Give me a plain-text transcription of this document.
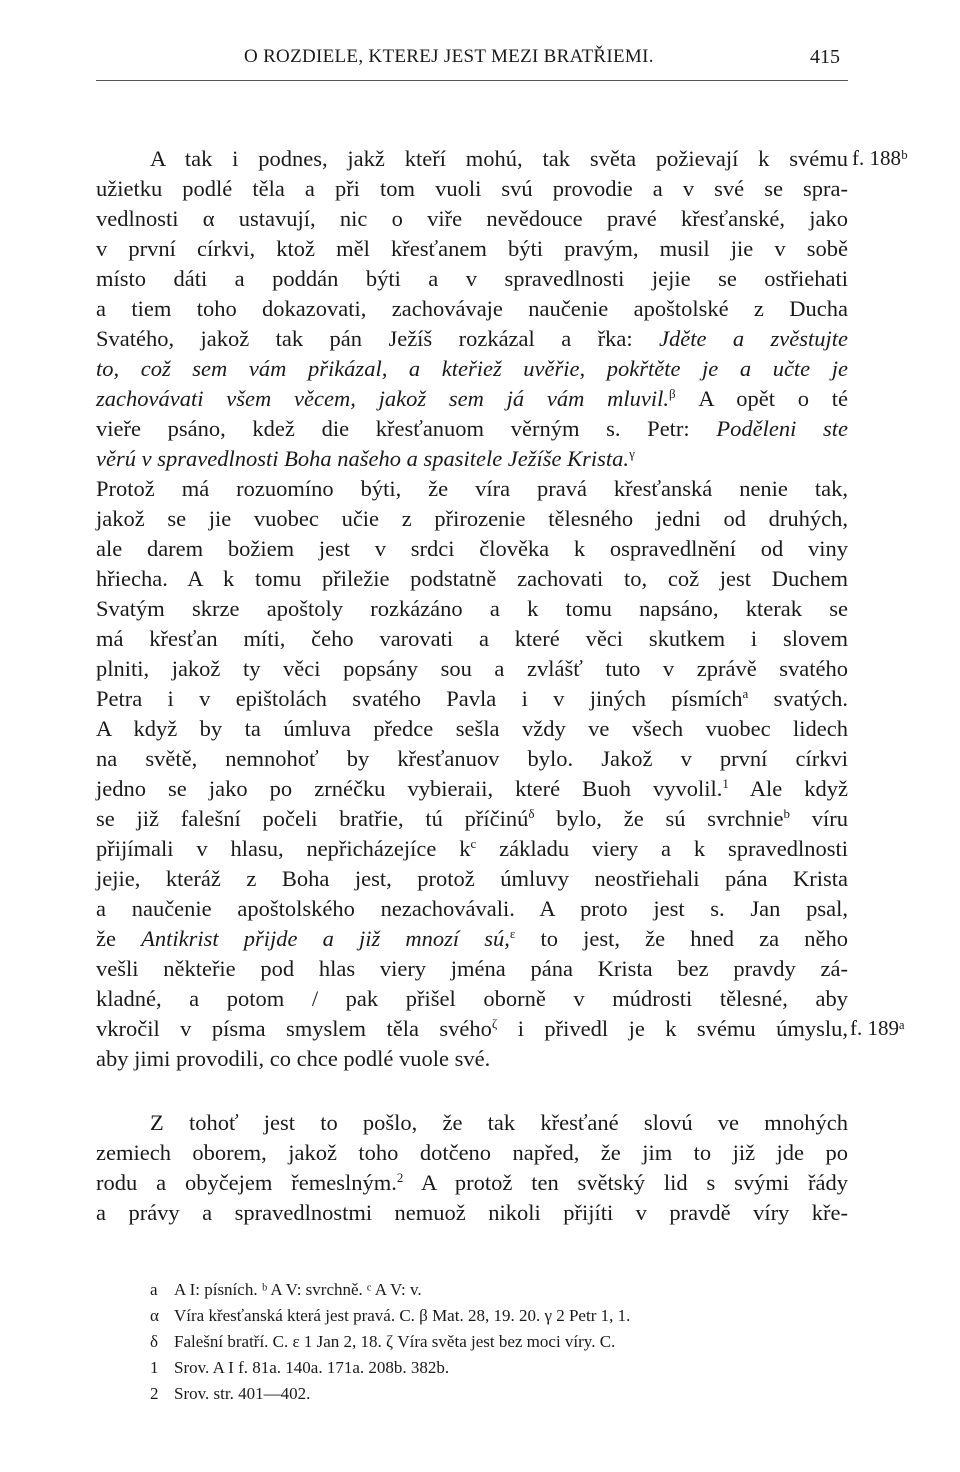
O ROZDIELE, KTEREJ JEST MEZI BRATŘIEMI.	415
f. 188ᵇ
f. 189ᵃ
A tak i podnes, jakž kteří mohú, tak světa požievají k svému
užietku podlé těla a při tom vuoli svú provodie a v své se spra-
vedlnosti α ustavují, nic o viře nevědouce pravé křesťanské, jako
v první církvi, ktož měl křesťanem býti pravým, musil jie v sobě
místo dáti a poddán býti a v spravedlnosti jejie se ostřiehati
a tiem toho dokazovati, zachovávaje naučenie apoštolské z Ducha
Svatého, jakož tak pán Ježíš rozkázal a řka: Jděte a zvěstujte
to, což sem vám přikázal, a kteřiež uvěřie, pokřtěte je a učte je
zachovávati všem věcem, jakož sem já vám mluvil.$^\beta$ A opět o té
vieře psáno, kdež die křesťanuom věrným s. Petr: Poděleni ste
věrú v spravedlnosti Boha našeho a spasitele Ježíše Krista.$^\gamma$
Protož má rozuomíno býti, že víra pravá křesťanská nenie tak,
jakož se jie vuobec učie z přirozenie tělesného jedni od druhých,
ale darem božiem jest v srdci člověka k ospravedlnění od viny
hřiecha. A k tomu přiležie podstatně zachovati to, což jest Duchem
Svatým skrze apoštoly rozkázáno a k tomu napsáno, kterak se
má křesťan míti, čeho varovati a které věci skutkem i slovem
plniti, jakož ty věci popsány sou a zvlášť tuto v zprávě svatého
Petra i v epištolách svatého Pavla i v jiných písmích$^a$ svatých.
A když by ta úmluva předce sešla vždy ve všech vuobec lidech
na světě, nemnohoť by křesťanuov bylo. Jakož v první církvi
jedno se jako po zrnéčku vybieraii, které Buoh vyvolil.$^1$ Ale když
se již falešní počeli bratřie, tú příčinú$^\delta$ bylo, že sú svrchnie$^b$ víru
přijímali v hlasu, nepřicházejíce $k^c$ základu viery a k spravedlnosti
jejie, kteráž z Boha jest, protož úmluvy neostřiehali pána Krista
a naučenie apoštolského nezachovávali. A proto jest s. Jan psal,
že Antikrist přijde a již mnozí sú,$^\varepsilon$ to jest, že hned za něho
vešli někteřie pod hlas viery jména pána Krista bez pravdy zá-
kladné, a potom / pak přišel oborně v múdrosti tělesné, aby
vkročil v písma smyslem těla svého$^\zeta$ i přivedl je k svému úmyslu,
aby jimi provodili, co chce podlé vuole své.
Z tohoť jest to pošlo, že tak křesťané slovú ve mnohých
zemiech oborem, jakož toho dotčeno napřed, že jim to již jde po
rodu a obyčejem řemeslným.$^2$ A protož ten světský lid s svými řády
a právy a spravedlnostmi nemuož nikoli přijíti v pravdě víry kře-
a A I: písních. ᵇ A V: svrchně. ᶜ A V: v.
α Víra křesťanská která jest pravá. C. β Mat. 28, 19. 20. γ 2 Petr 1, 1.
δ Falešní bratří. C. ε 1 Jan 2, 18. ζ Víra světa jest bez moci víry. C.
1 Srov. A I f. 81a. 140a. 171a. 208b. 382b.
2 Srov. str. 401—402.
